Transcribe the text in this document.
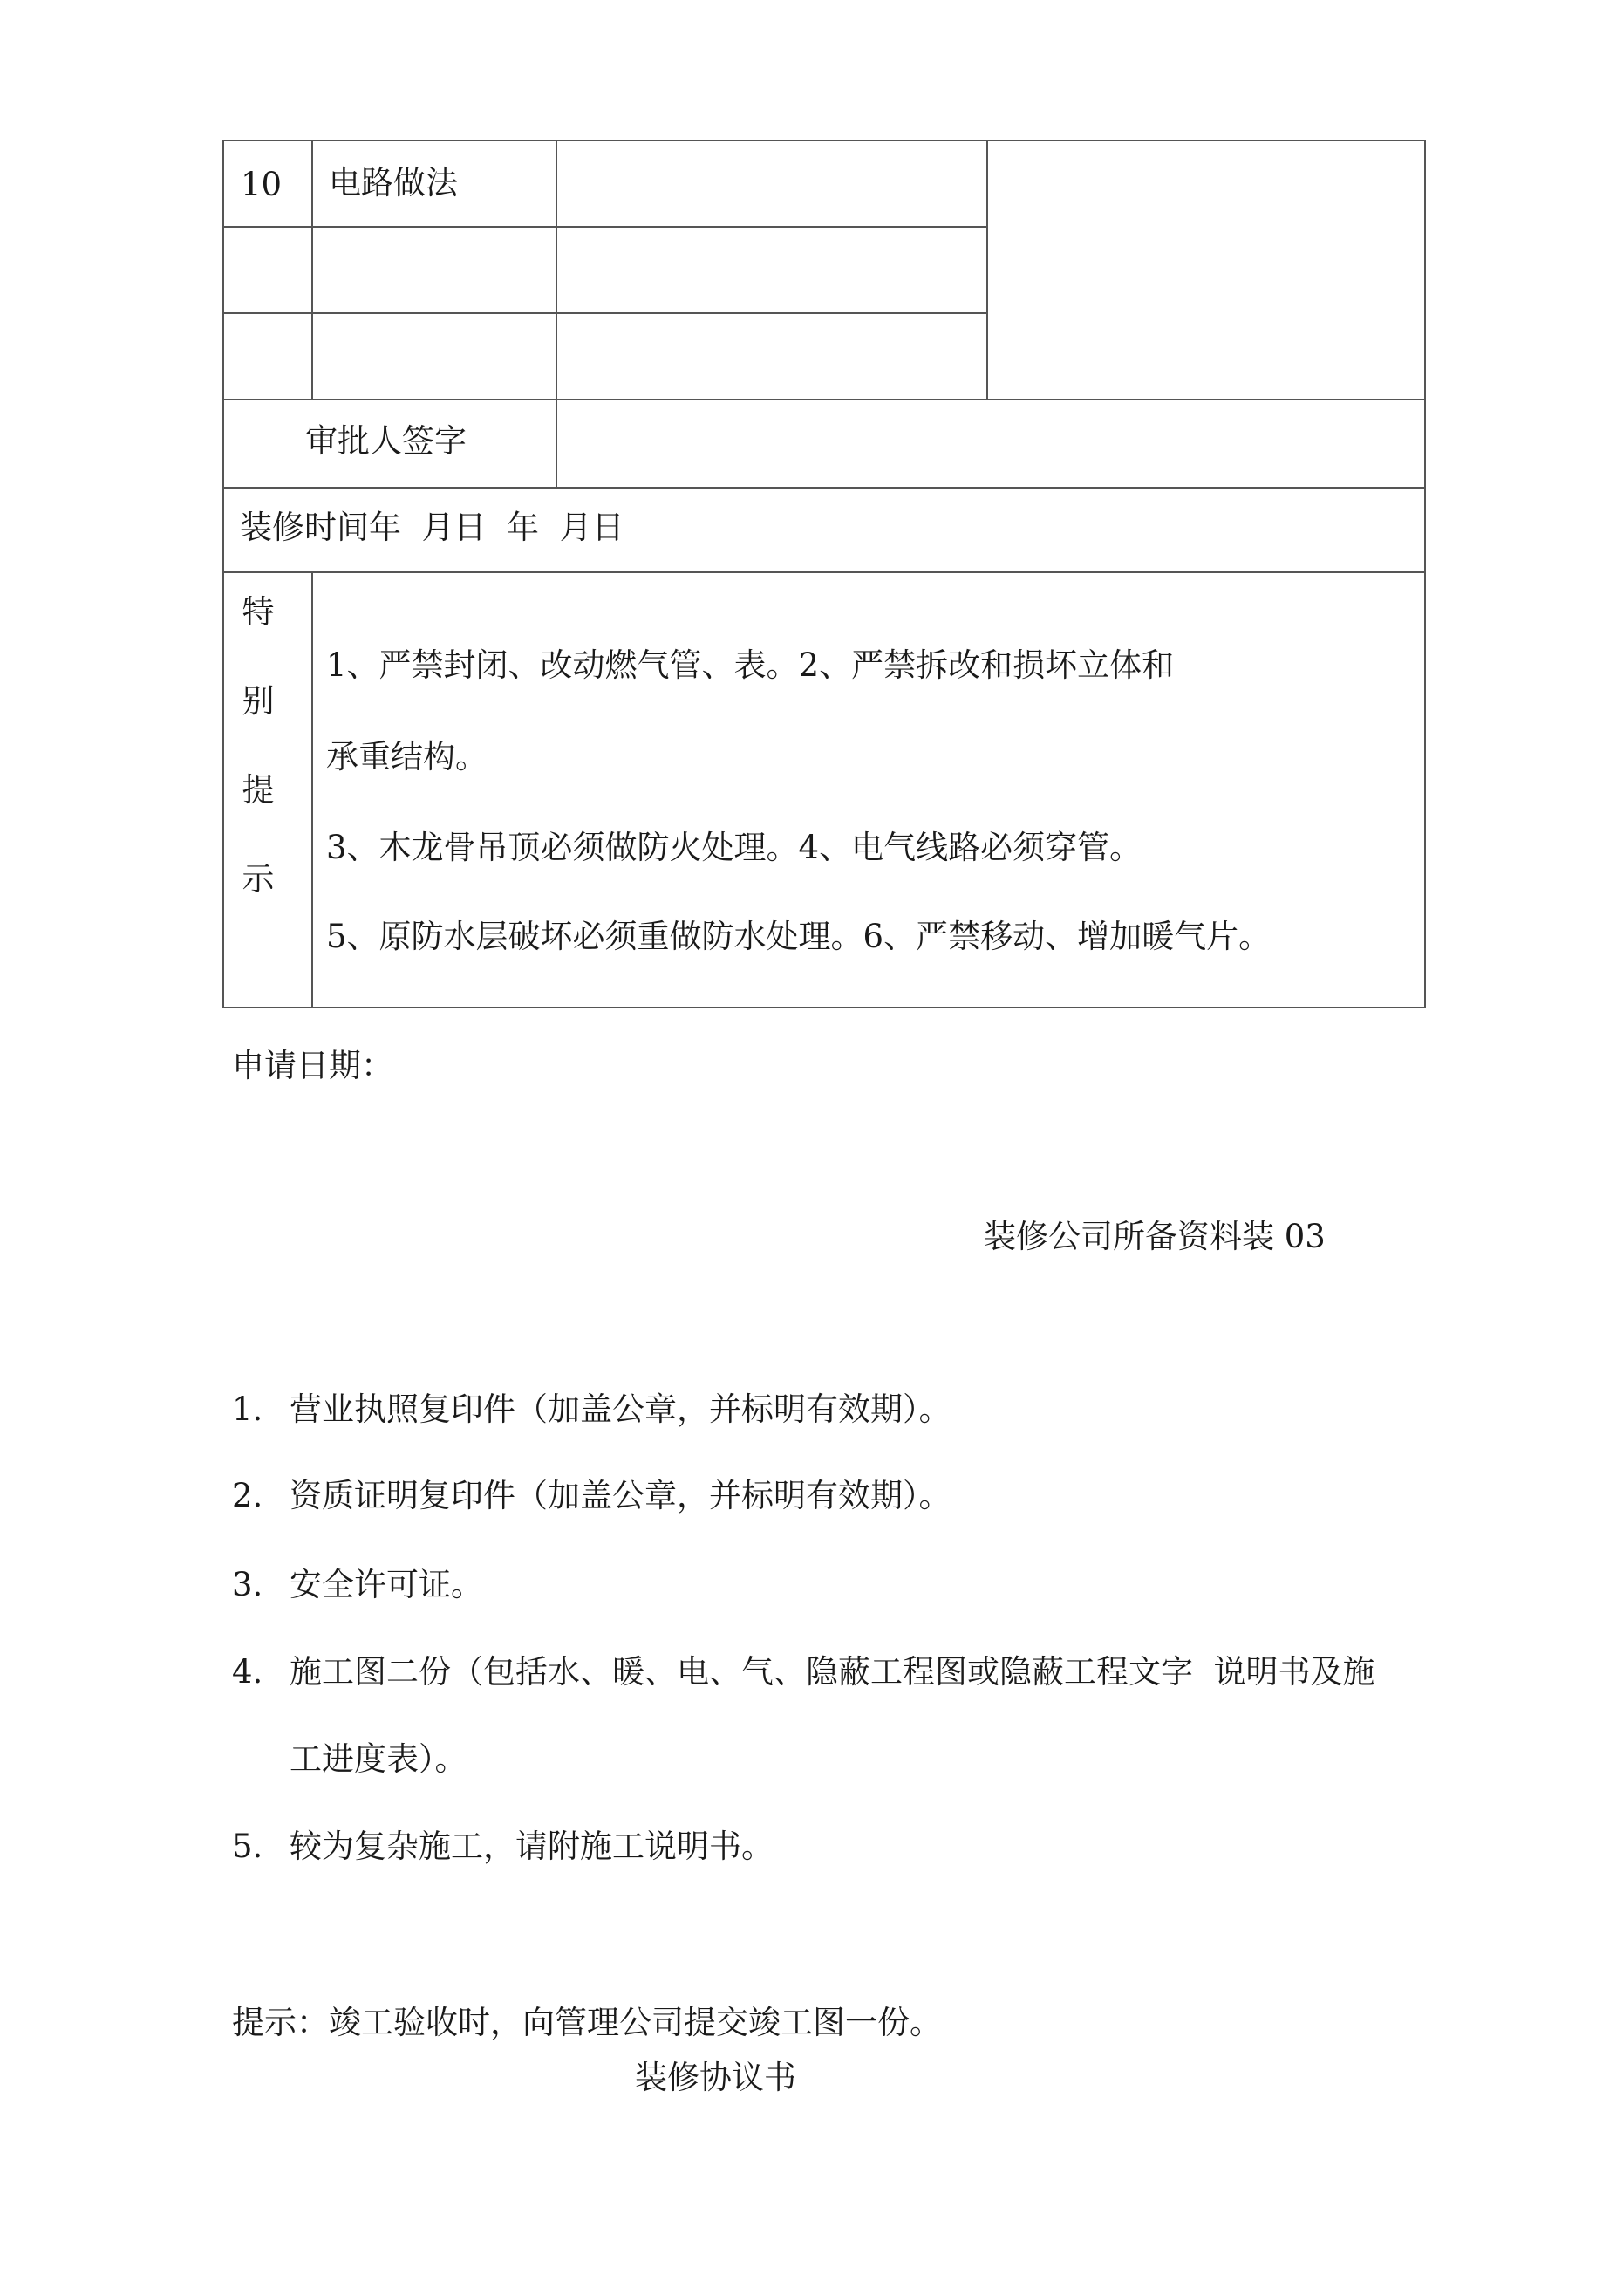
10 电路做法
审批人签字
装修时间年  月日  年  月日
特
别
提
示
1、严禁封闭、改动燃气管、表。2、严禁拆改和损坏立体和
承重结构。
3、木龙骨吊顶必须做防火处理。4、电气线路必须穿管。
5、原防水层破坏必须重做防水处理。6、严禁移动、增加暖气片。
申请日期：
装修公司所备资料装 03
1. 营业执照复印件（加盖公章，并标明有效期）。
2. 资质证明复印件（加盖公章，并标明有效期）。
3. 安全许可证。
4. 施工图二份（包括水、暖、电、气、隐蔽工程图或隐蔽工程文字  说明书及施
工进度表）。
5. 较为复杂施工，请附施工说明书。
提示：竣工验收时，向管理公司提交竣工图一份。
装修协议书
